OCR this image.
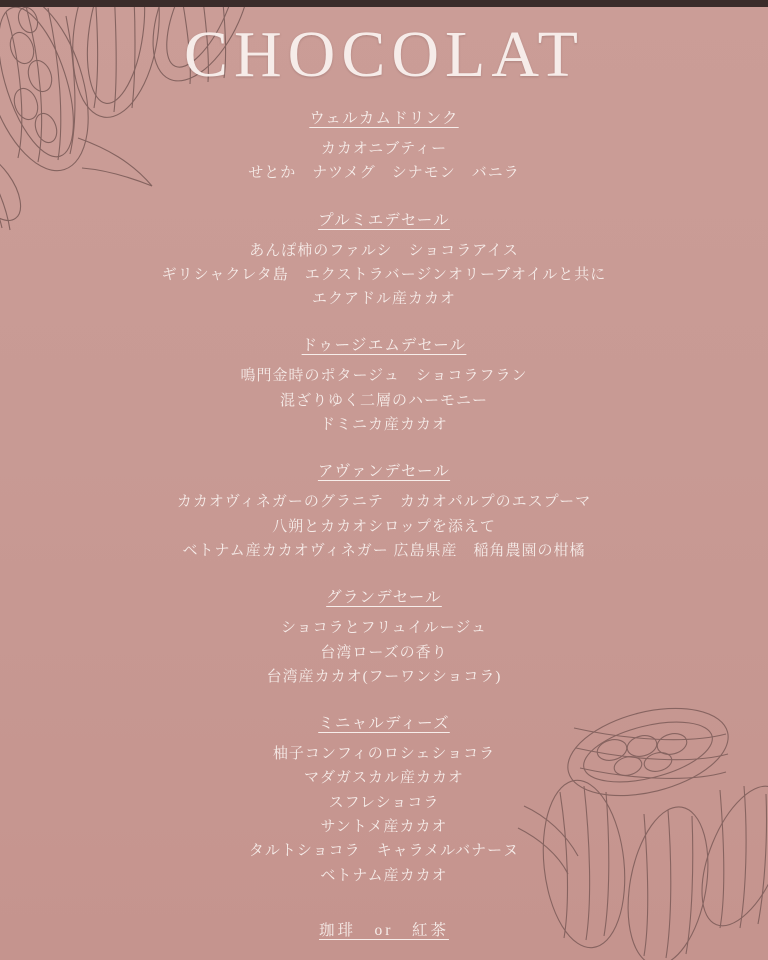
CHOCOLAT
ウェルカムドリンク
カカオニブティー
せとか　ナツメグ　シナモン　バニラ
プルミエデセール
あんぽ柿のファルシ　ショコラアイス
ギリシャクレタ島　エクストラバージンオリーブオイルと共に
エクアドル産カカオ
ドゥージエムデセール
鳴門金時のポタージュ　ショコラフラン
混ざりゆく二層のハーモニー
ドミニカ産カカオ
アヴァンデセール
カカオヴィネガーのグラニテ　カカオパルプのエスプーマ
八朔とカカオシロップを添えて
ベトナム産カカオヴィネガー 広島県産　稲角農園の柑橘
グランデセール
ショコラとフリュイルージュ
台湾ローズの香り
台湾産カカオ(フーワンショコラ)
ミニャルディーズ
柚子コンフィのロシェショコラ
マダガスカル産カカオ
スフレショコラ
サントメ産カカオ
タルトショコラ　キャラメルバナーヌ
ベトナム産カカオ
珈琲　or　紅茶
